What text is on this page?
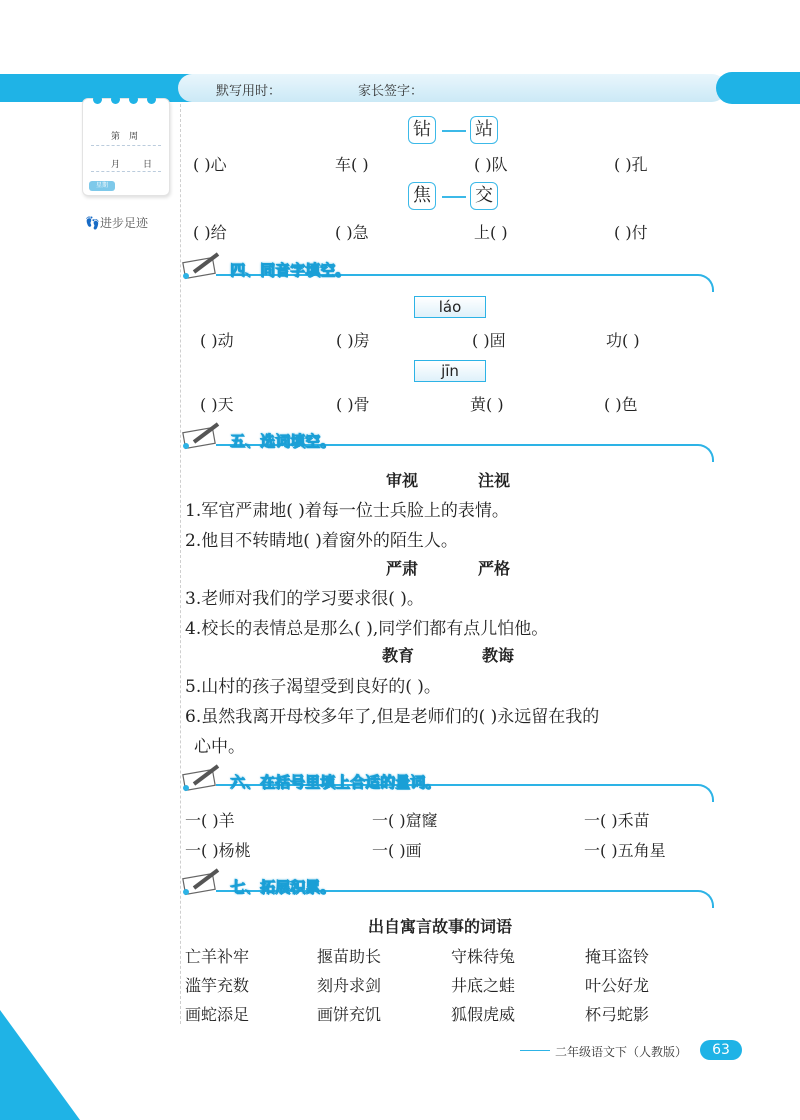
默写用时：	家长签字：
第　周
月	日
星期
👣进步足迹
钻 站
( )心	车( )	( )队	( )孔
焦 交
( )给	( )急	上( )	( )付
四、同音字填空。
láo
( )动	( )房	( )固	功( )
jīn
( )天	( )骨	黄( )	( )色
五、选词填空。
审视	注视
1.军官严肃地( )着每一位士兵脸上的表情。
2.他目不转睛地( )着窗外的陌生人。
严肃	严格
3.老师对我们的学习要求很( )。
4.校长的表情总是那么( ),同学们都有点儿怕他。
教育	教诲
5.山村的孩子渴望受到良好的( )。
6.虽然我离开母校多年了,但是老师们的( )永远留在我的
心中。
六、在括号里填上合适的量词。
一( )羊	一( )窟窿	一( )禾苗
一( )杨桃	一( )画	一( )五角星
七、拓展积累。
出自寓言故事的词语
亡羊补牢	揠苗助长	守株待兔	掩耳盗铃
滥竽充数	刻舟求剑	井底之蛙	叶公好龙
画蛇添足	画饼充饥	狐假虎威	杯弓蛇影
二年级语文下（人教版）	63
